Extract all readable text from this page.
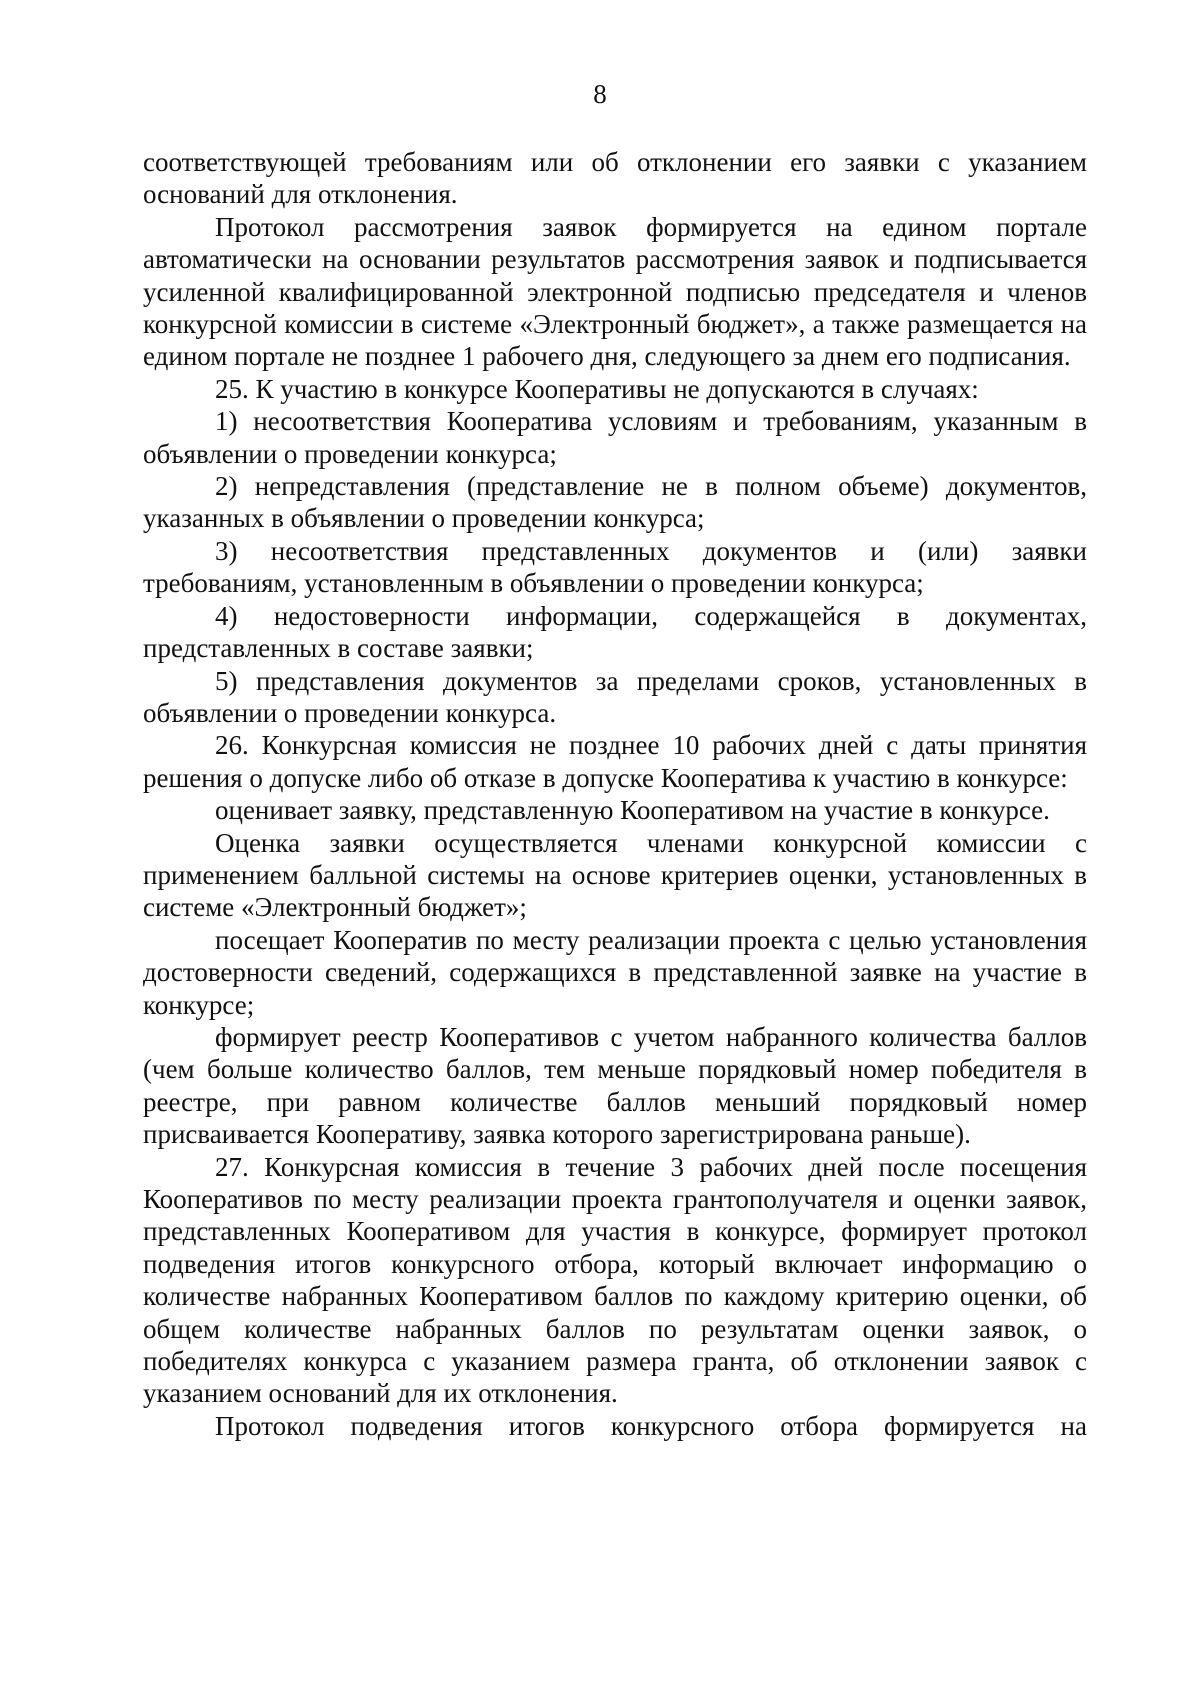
8

соответствующей требованиям или об отклонении его заявки с указанием оснований для отклонения.

Протокол рассмотрения заявок формируется на едином портале автоматически на основании результатов рассмотрения заявок и подписывается усиленной квалифицированной электронной подписью председателя и членов конкурсной комиссии в системе «Электронный бюджет», а также размещается на едином портале не позднее 1 рабочего дня, следующего за днем его подписания.

25. К участию в конкурсе Кооперативы не допускаются в случаях:

1) несоответствия Кооператива условиям и требованиям, указанным в объявлении о проведении конкурса;

2) непредставления (представление не в полном объеме) документов, указанных в объявлении о проведении конкурса;

3) несоответствия представленных документов и (или) заявки требованиям, установленным в объявлении о проведении конкурса;

4) недостоверности информации, содержащейся в документах, представленных в составе заявки;

5) представления документов за пределами сроков, установленных в объявлении о проведении конкурса.

26. Конкурсная комиссия не позднее 10 рабочих дней с даты принятия решения о допуске либо об отказе в допуске Кооператива к участию в конкурсе:

оценивает заявку, представленную Кооперативом на участие в конкурсе.

Оценка заявки осуществляется членами конкурсной комиссии с применением балльной системы на основе критериев оценки, установленных в системе «Электронный бюджет»;

посещает Кооператив по месту реализации проекта с целью установления достоверности сведений, содержащихся в представленной заявке на участие в конкурсе;

формирует реестр Кооперативов с учетом набранного количества баллов (чем больше количество баллов, тем меньше порядковый номер победителя в реестре, при равном количестве баллов меньший порядковый номер присваивается Кооперативу, заявка которого зарегистрирована раньше).

27. Конкурсная комиссия в течение 3 рабочих дней после посещения Кооперативов по месту реализации проекта грантополучателя и оценки заявок, представленных Кооперативом для участия в конкурсе, формирует протокол подведения итогов конкурсного отбора, который включает информацию о количестве набранных Кооперативом баллов по каждому критерию оценки, об общем количестве набранных баллов по результатам оценки заявок, о победителях конкурса с указанием размера гранта, об отклонении заявок с указанием оснований для их отклонения.

Протокол подведения итогов конкурсного отбора формируется на
